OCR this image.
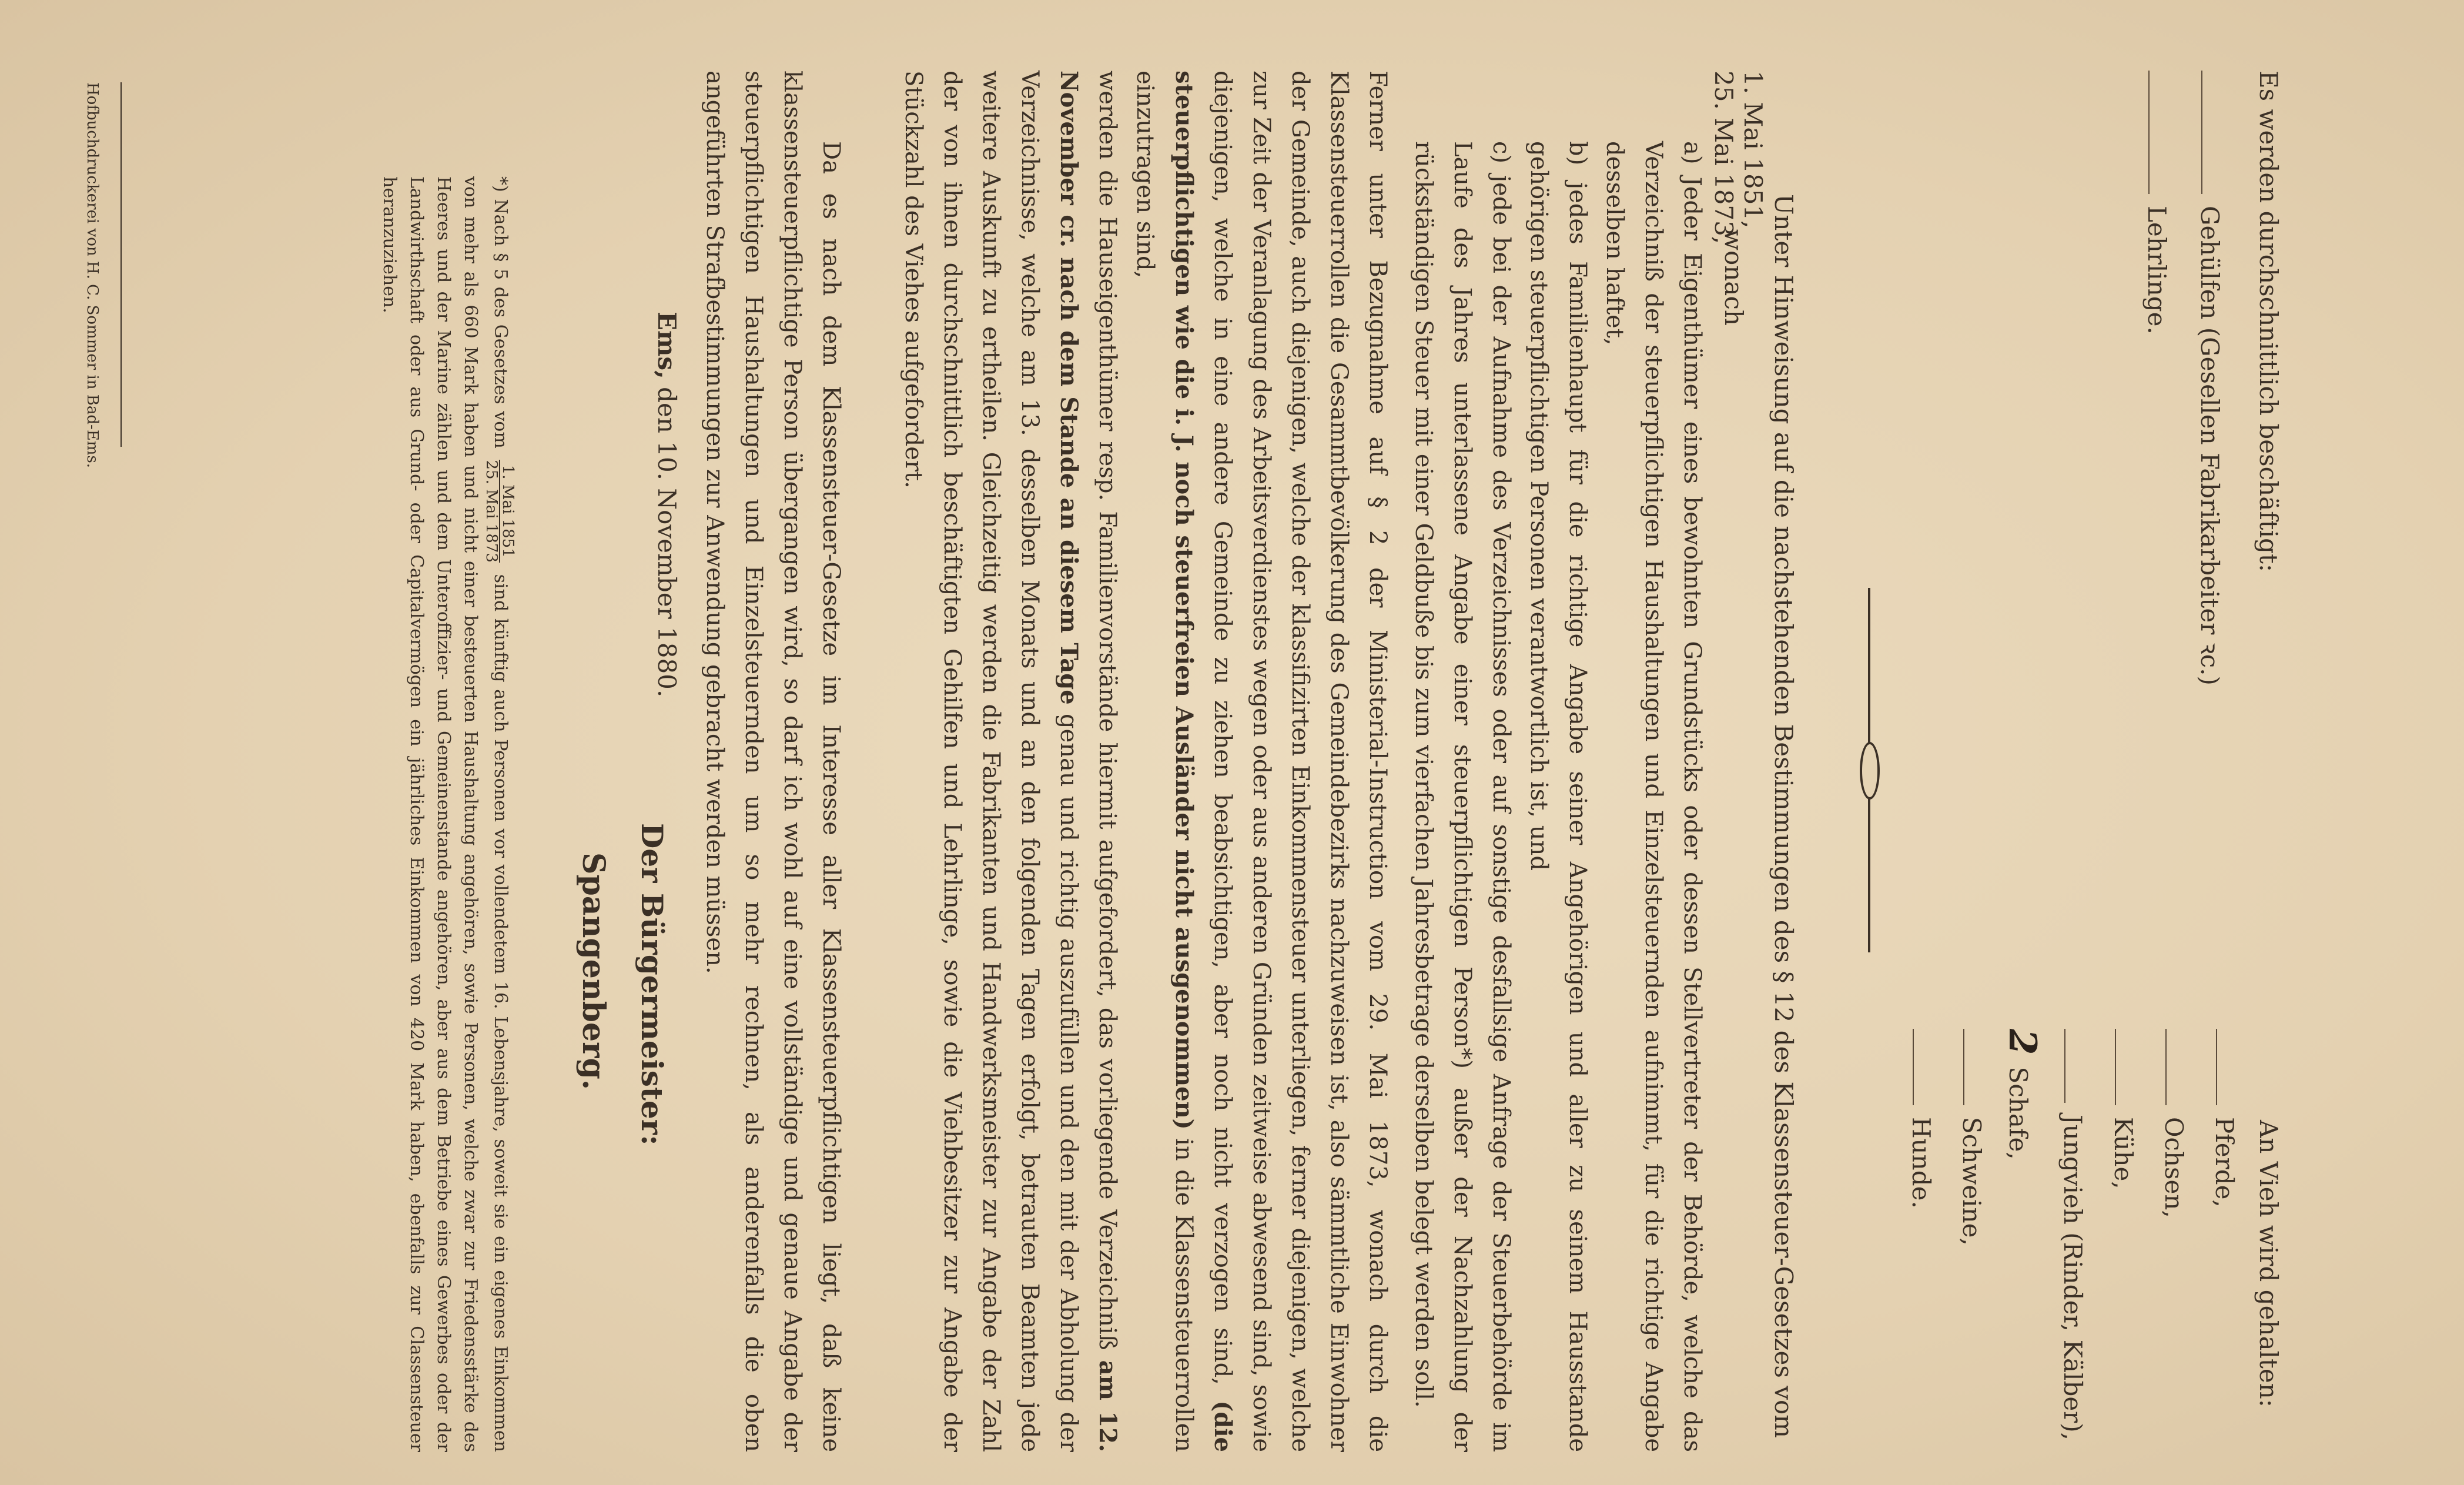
Es werden durchschnittlich beschäftigt:
Gehülfen (Gesellen Fabrikarbeiter ꝛc.)
Lehrlinge.
An Vieh wird gehalten:
Pferde,
Ochsen,
Kühe,
Jungvieh (Rinder, Kälber),
2
Schafe,
Schweine,
Hunde.
Unter Hinweisung auf die nachstehenden Bestimmungen des § 12 des Klassensteuer-Gesetzes vom
1. Mai 1851,
25. Mai 1873,
wonach
a) Jeder Eigenthümer eines bewohnten Grundstücks oder dessen Stellvertreter der Behörde, welche das Verzeichniß der steuerpflichtigen Haushaltungen und Einzelsteuernden aufnimmt, für die richtige Angabe desselben haftet,
b) jedes Familienhaupt für die richtige Angabe seiner Angehörigen und aller zu seinem Hausstande gehörigen steuerpflichtigen Personen verantwortlich ist, und
c) jede bei der Aufnahme des Verzeichnisses oder auf sonstige desfallsige Anfrage der Steuerbehörde im Laufe des Jahres unterlassene Angabe einer steuerpflichtigen Person*) außer der Nachzahlung der rückständigen Steuer mit einer Geldbuße bis zum vierfachen Jahresbetrage derselben belegt werden soll.
Ferner unter Bezugnahme auf § 2 der Ministerial-Instruction vom 29. Mai 1873, wonach durch die Klassensteuerrollen die Gesammtbevölkerung des Gemeindebezirks nachzuweisen ist, also sämmtliche Einwohner der Gemeinde, auch diejenigen, welche der klassifizirten Einkommensteuer unterliegen, ferner diejenigen, welche zur Zeit der Veranlagung des Arbeitsverdienstes wegen oder aus anderen Gründen zeitweise abwesend sind, sowie diejenigen, welche in eine andere Gemeinde zu ziehen beabsichtigen, aber noch nicht verzogen sind, (die steuerpflichtigen wie die i. J. noch steuerfreien Ausländer nicht ausgenommen) in die Klassensteuerrollen einzutragen sind,
werden die Hauseigenthümer resp. Familienvorstände hiermit aufgefordert, das vorliegende Verzeichniß am 12. November cr. nach dem Stande an diesem Tage genau und richtig auszufüllen und den mit der Abholung der Verzeichnisse, welche am 13. desselben Monats und an den folgenden Tagen erfolgt, betrauten Beamten jede weitere Auskunft zu ertheilen. Gleichzeitig werden die Fabrikanten und Handwerksmeister zur Angabe der Zahl der von ihnen durchschnittlich beschäftigten Gehilfen und Lehrlinge, sowie die Viehbesitzer zur Angabe der Stückzahl des Viehes aufgefordert.
Da es nach dem Klassensteuer-Gesetze im Interesse aller Klassensteuerpflichtigen liegt, daß keine klassensteuerpflichtige Person übergangen wird, so darf ich wohl auf eine vollständige und genaue Angabe der steuerpflichtigen Haushaltungen und Einzelsteuernden um so mehr rechnen, als anderenfalls die oben angeführten Strafbestimmungen zur Anwendung gebracht werden müssen.
Ems, den 10. November 1880.
Der Bürgermeister:
Spangenberg.
*) Nach § 5 des Gesetzes vom
1. Mai 1851
25. Mai 1873
sind künftig auch Personen vor vollendetem 16. Lebensjahre, soweit sie ein eigenes Einkommen von mehr als 660 Mark haben und nicht einer besteuerten Haushaltung angehören, sowie Personen, welche zwar zur Friedensstärke des Heeres und der Marine zählen und dem Unteroffizier- und Gemeinenstande angehören, aber aus dem Betriebe eines Gewerbes oder der Landwirthschaft oder aus Grund- oder Capitalvermögen ein jährliches Einkommen von 420 Mark haben, ebenfalls zur Classensteuer heranzuziehen.
Hofbuchdruckerei von H. C. Sommer in Bad-Ems.
